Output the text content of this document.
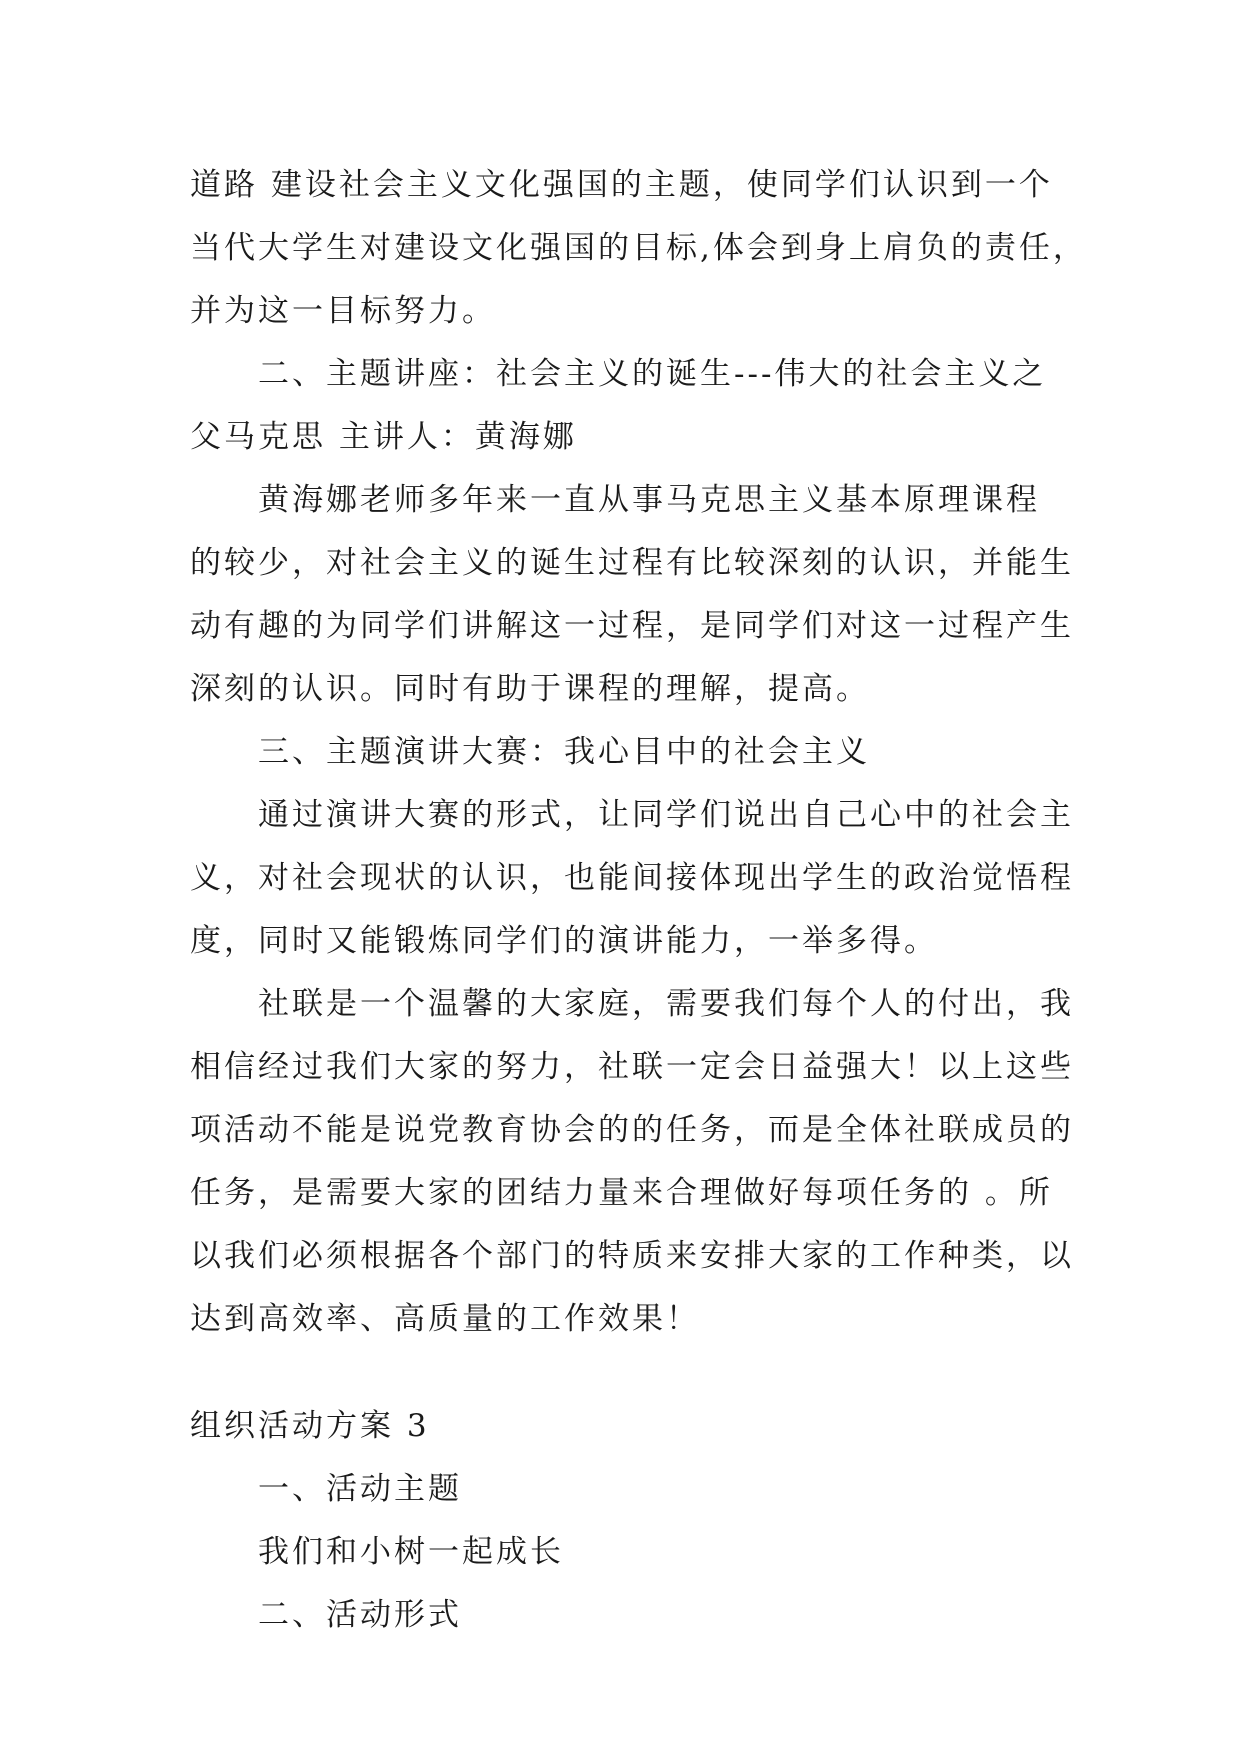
道路 建设社会主义文化强国的主题，使同学们认识到一个
当代大学生对建设文化强国的目标,体会到身上肩负的责任，
并为这一目标努力。
二、主题讲座：社会主义的诞生---伟大的社会主义之
父马克思 主讲人：黄海娜
黄海娜老师多年来一直从事马克思主义基本原理课程
的较少，对社会主义的诞生过程有比较深刻的认识，并能生
动有趣的为同学们讲解这一过程，是同学们对这一过程产生
深刻的认识。同时有助于课程的理解，提高。
三、主题演讲大赛：我心目中的社会主义
通过演讲大赛的形式，让同学们说出自己心中的社会主
义，对社会现状的认识，也能间接体现出学生的政治觉悟程
度，同时又能锻炼同学们的演讲能力，一举多得。
社联是一个温馨的大家庭，需要我们每个人的付出，我
相信经过我们大家的努力，社联一定会日益强大！以上这些
项活动不能是说党教育协会的的任务，而是全体社联成员的
任务，是需要大家的团结力量来合理做好每项任务的 。所
以我们必须根据各个部门的特质来安排大家的工作种类，以
达到高效率、高质量的工作效果！
组织活动方案 3
一、活动主题
我们和小树一起成长
二、活动形式
